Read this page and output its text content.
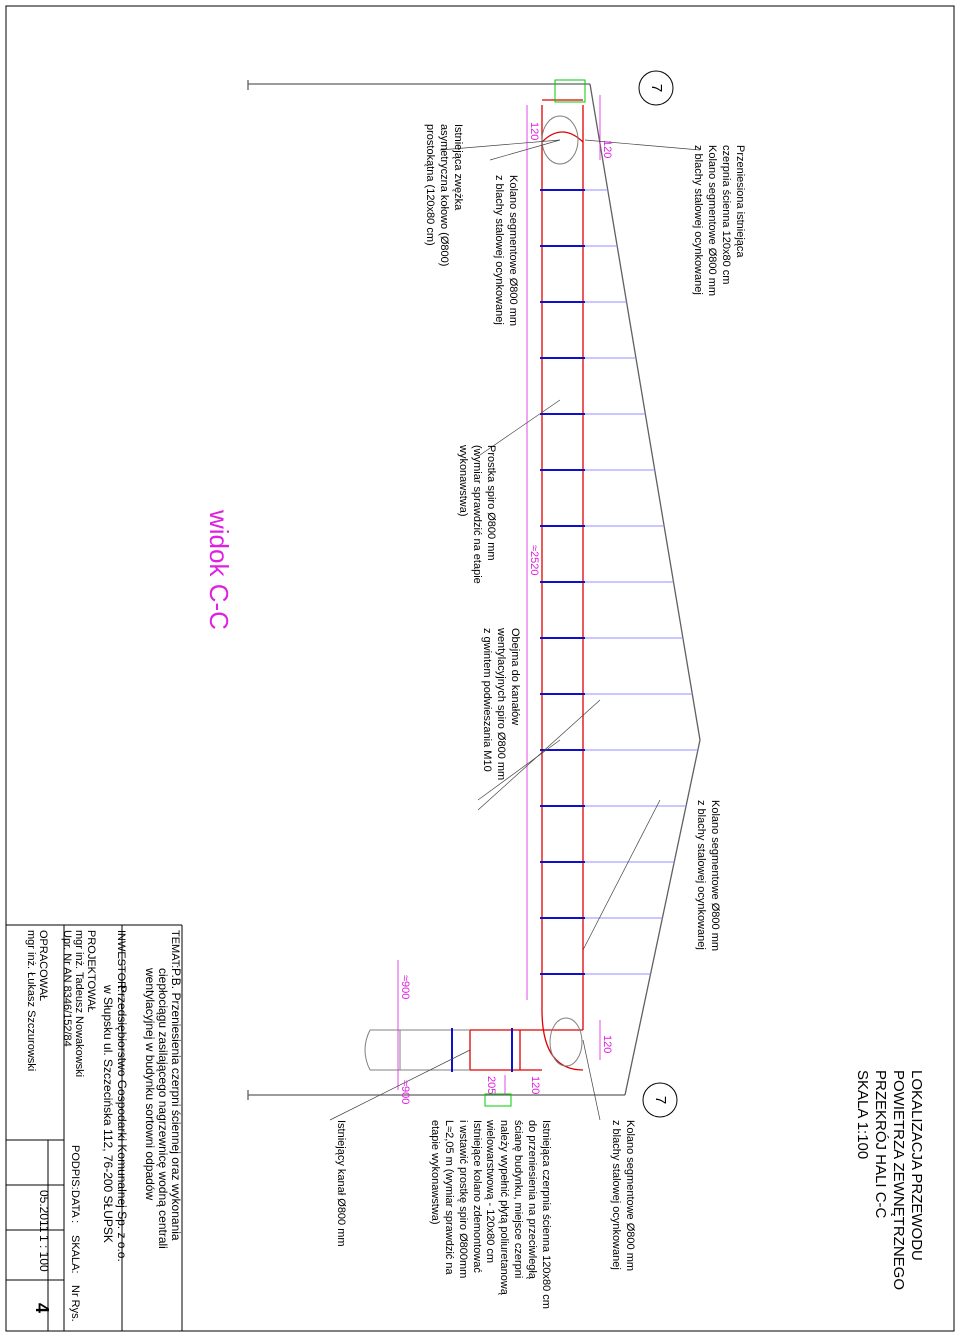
7
7	LOKALIZACJA PRZEWODU
POWIETRZA ZEWNĘTRZNEGO
PRZEKRÓJ HALI C-C
SKALA 1:100
Przeniesiona istniejąca
czerpnia ścienna 120x80 cm
Kolano segmentowe Ø800 mm
z blachy stalowej ocynkowanej
Kolano segmentowe Ø800 mm
z blachy stalowej ocynkowanej
Istniejąca zwężka
asymetryczna kołowo (Ø800)
prostokątna (120x80 cm)
Prostka spiro Ø800 mm
(wymiar sprawdzić na etapie
wykonawstwa)
Obejma do kanałów
wentylacyjnych spiro Ø800 mm
z gwintem podwieszania M10
Kolano segmentowe Ø800 mm
z blachy stalowej ocynkowanej
Kolano segmentowe Ø800 mm
z blachy stalowej ocynkowanej
Istniejąca czerpnia ścienna 120x80 cm
do przeniesienia na przeciwległą
ścianę budynku, miejsce czerpni
należy wypełnić płytą poliuretanową
wielowarstwową - 120x80 cm
Istniejące kolano zdemontować
i wstawić prostkę spiro Ø800mm
L≈2,05 m (wymiar sprawdzić na
etapie wykonawstwa)
Istniejący kanał Ø800 mm
widok C-C
120
120
≈2520
≈900
≈900	205	120
120
TEMAT:
P.B. Przeniesienia czerpni ściennej oraz wykonania
ciepłociągu zasilającego nagrzewnicę wodną centrali
wentylacyjnej w budynku sortowni odpadów
INWESTOR:
Przedsiębiorstwo Gospodarki Komunalnej Sp. z o.o.
w Słupsku ul. Szczecińska 112, 76-200 SŁUPSK
PROJEKTOWAŁ
mgr inż. Tadeusz Nowakowski
Upr. Nr AN 8346/152/84
OPRACOWAŁ
mgr inż. Łukasz Szczurowski
PODPIS:
DATA :
05.2011
SKALA:
1 : 100
Nr Rys.
4
